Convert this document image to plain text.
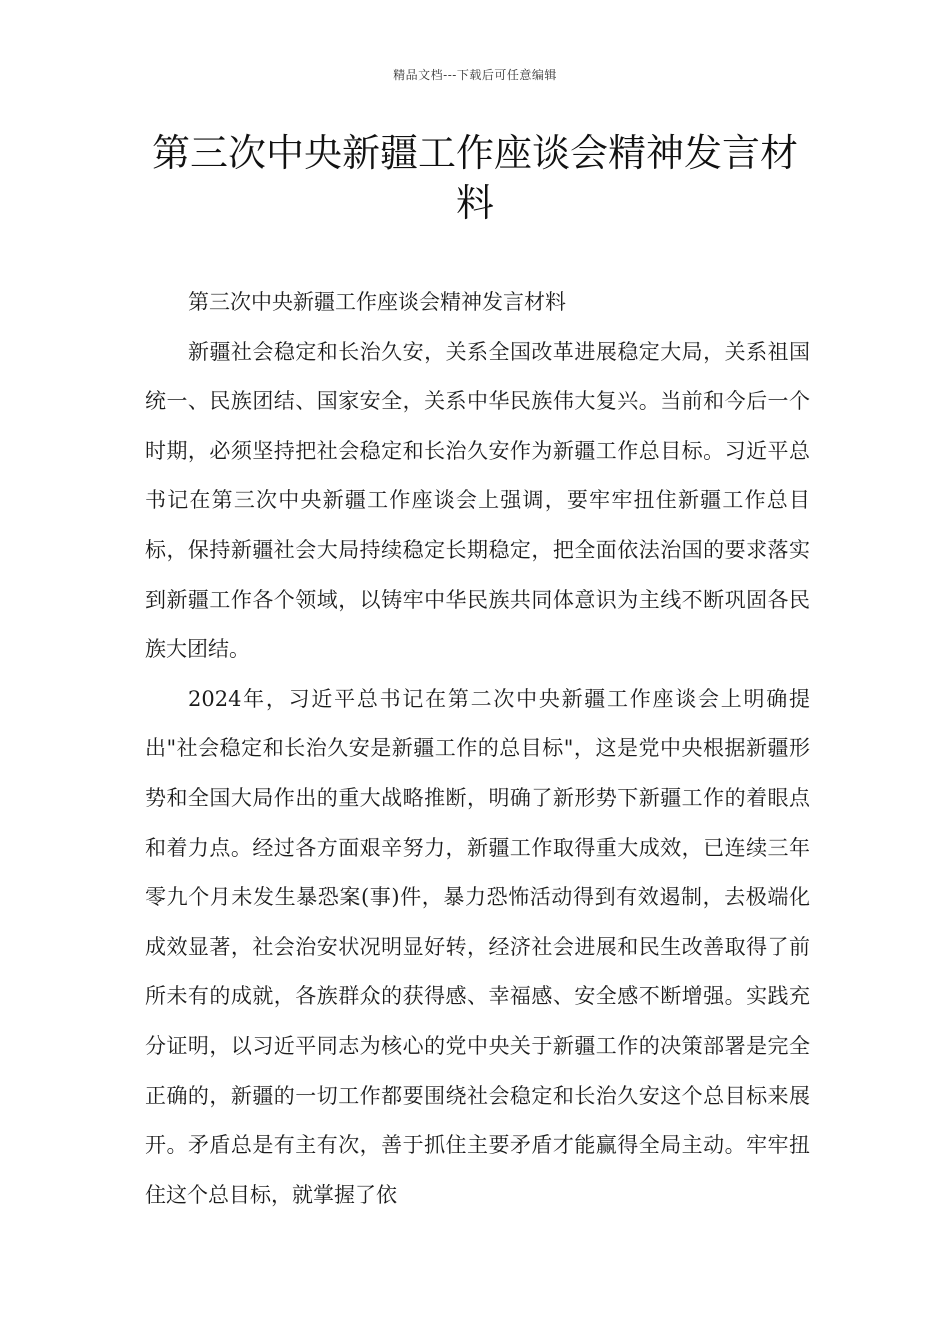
精品文档---下载后可任意编辑
第三次中央新疆工作座谈会精神发言材料

第三次中央新疆工作座谈会精神发言材料

新疆社会稳定和长治久安，关系全国改革进展稳定大局，关系祖国统一、民族团结、国家安全，关系中华民族伟大复兴。当前和今后一个时期，必须坚持把社会稳定和长治久安作为新疆工作总目标。习近平总书记在第三次中央新疆工作座谈会上强调，要牢牢扭住新疆工作总目标，保持新疆社会大局持续稳定长期稳定，把全面依法治国的要求落实到新疆工作各个领域，以铸牢中华民族共同体意识为主线不断巩固各民族大团结。

2024年，习近平总书记在第二次中央新疆工作座谈会上明确提出"社会稳定和长治久安是新疆工作的总目标"，这是党中央根据新疆形势和全国大局作出的重大战略推断，明确了新形势下新疆工作的着眼点和着力点。经过各方面艰辛努力，新疆工作取得重大成效，已连续三年零九个月未发生暴恐案(事)件，暴力恐怖活动得到有效遏制，去极端化成效显著，社会治安状况明显好转，经济社会进展和民生改善取得了前所未有的成就，各族群众的获得感、幸福感、安全感不断增强。实践充分证明，以习近平同志为核心的党中央关于新疆工作的决策部署是完全正确的，新疆的一切工作都要围绕社会稳定和长治久安这个总目标来展开。矛盾总是有主有次，善于抓住主要矛盾才能赢得全局主动。牢牢扭住这个总目标，就掌握了依
